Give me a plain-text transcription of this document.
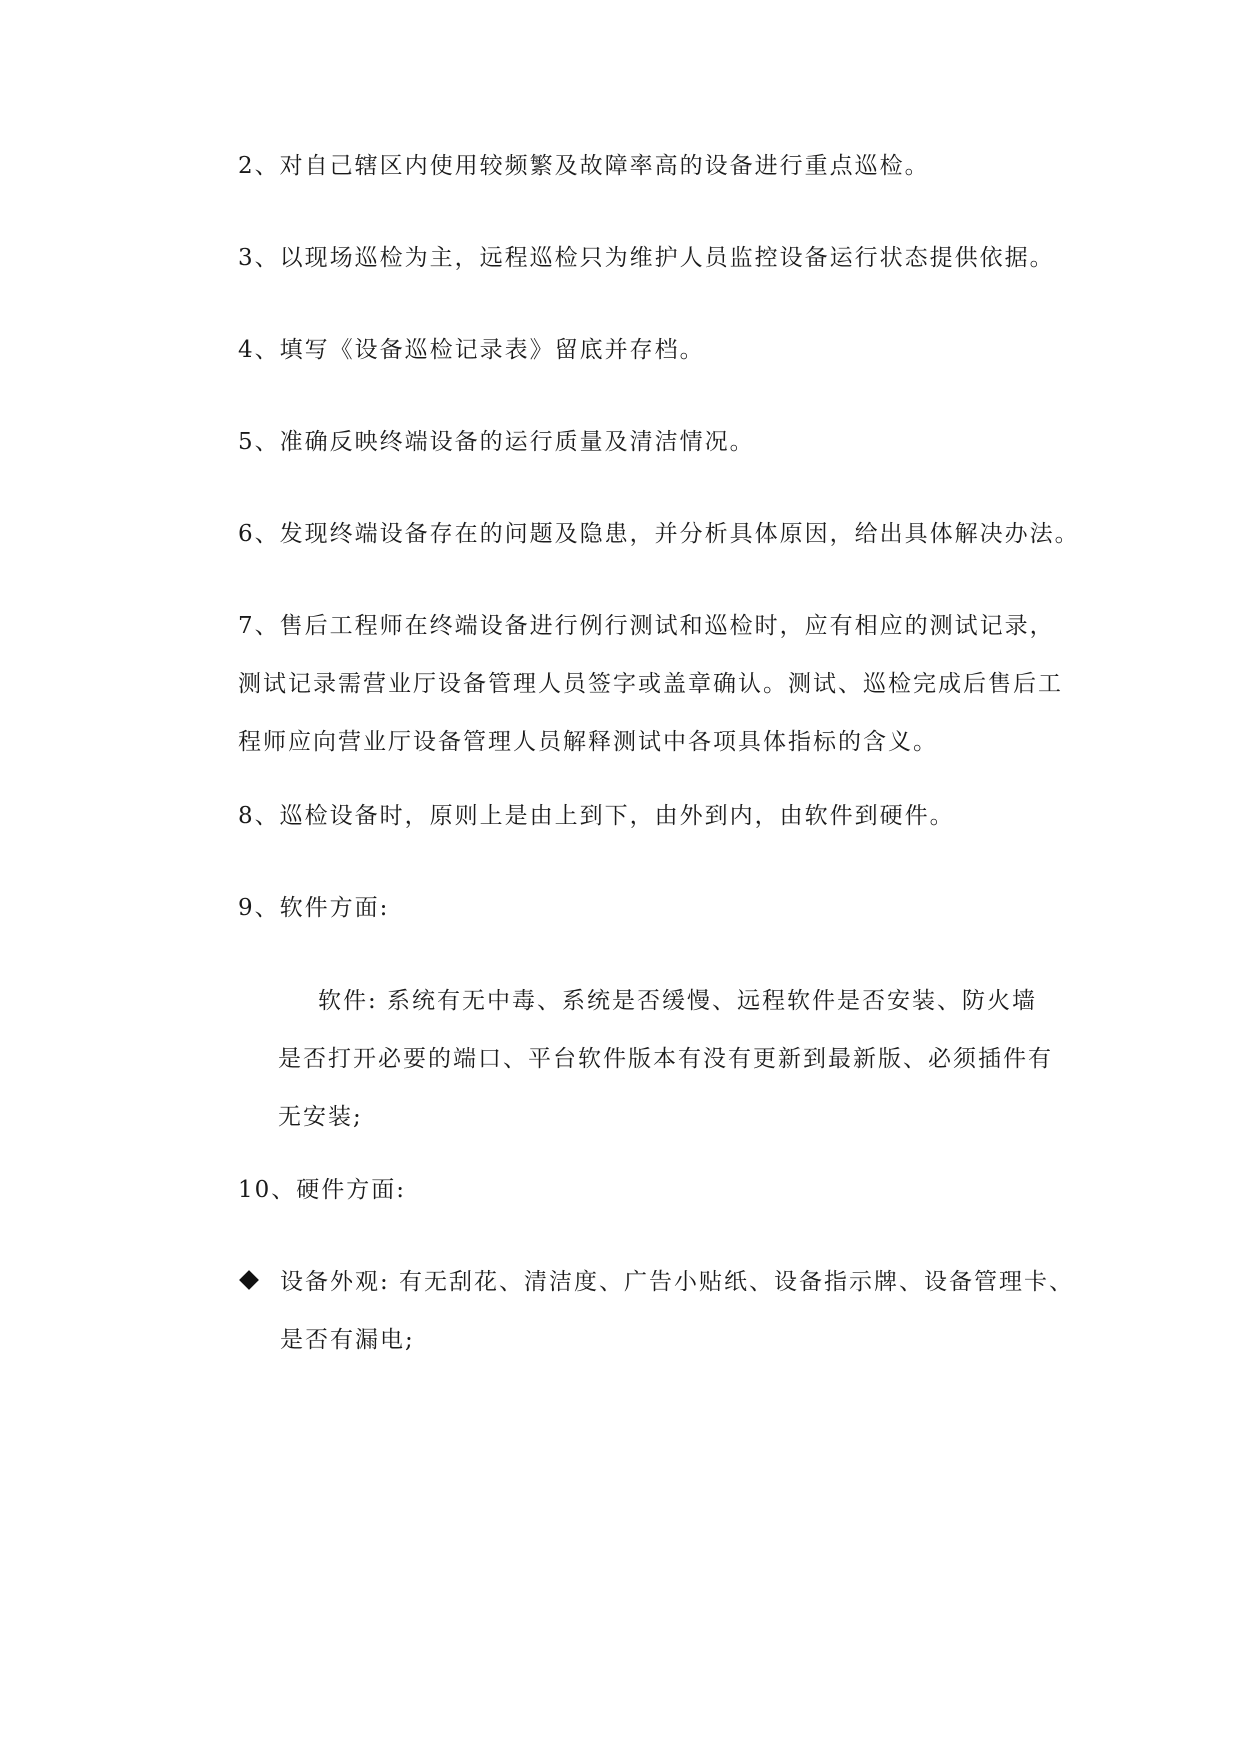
2、对自己辖区内使用较频繁及故障率高的设备进行重点巡检。
3、以现场巡检为主，远程巡检只为维护人员监控设备运行状态提供依据。
4、填写《设备巡检记录表》留底并存档。
5、准确反映终端设备的运行质量及清洁情况。
6、发现终端设备存在的问题及隐患，并分析具体原因，给出具体解决办法。
7、售后工程师在终端设备进行例行测试和巡检时，应有相应的测试记录，
测试记录需营业厅设备管理人员签字或盖章确认。测试、巡检完成后售后工
程师应向营业厅设备管理人员解释测试中各项具体指标的含义。
8、巡检设备时，原则上是由上到下，由外到内，由软件到硬件。
9、软件方面:
软件: 系统有无中毒、系统是否缓慢、远程软件是否安装、防火墙
是否打开必要的端口、平台软件版本有没有更新到最新版、必须插件有
无安装;
10、硬件方面:
设备外观: 有无刮花、清洁度、广告小贴纸、设备指示牌、设备管理卡、
是否有漏电;
